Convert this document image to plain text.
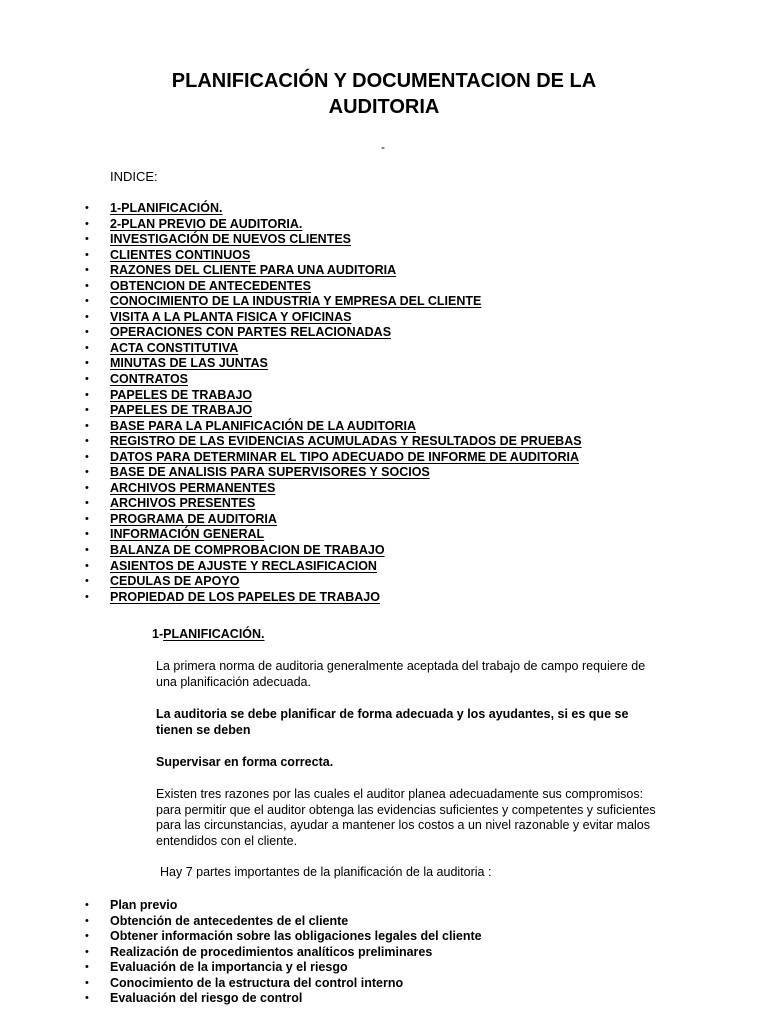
PLANIFICACIÓN Y DOCUMENTACION DE LA
AUDITORIA
-
INDICE:
• 1-PLANIFICACIÓN.
• 2-PLAN PREVIO DE AUDITORIA.
• INVESTIGACIÓN DE NUEVOS CLIENTES
• CLIENTES CONTINUOS
• RAZONES DEL CLIENTE PARA UNA AUDITORIA
• OBTENCION DE ANTECEDENTES
• CONOCIMIENTO DE LA INDUSTRIA Y EMPRESA DEL CLIENTE
• VISITA A LA PLANTA FISICA Y OFICINAS
• OPERACIONES CON PARTES RELACIONADAS
• ACTA CONSTITUTIVA
• MINUTAS DE LAS JUNTAS
• CONTRATOS
• PAPELES DE TRABAJO
• PAPELES DE TRABAJO
• BASE PARA LA PLANIFICACIÓN DE LA AUDITORIA
• REGISTRO DE LAS EVIDENCIAS ACUMULADAS Y RESULTADOS DE PRUEBAS
• DATOS PARA DETERMINAR EL TIPO ADECUADO DE INFORME DE AUDITORIA
• BASE DE ANALISIS PARA SUPERVISORES Y SOCIOS
• ARCHIVOS PERMANENTES
• ARCHIVOS PRESENTES
• PROGRAMA DE AUDITORIA
• INFORMACIÓN GENERAL
• BALANZA DE COMPROBACION DE TRABAJO
• ASIENTOS DE AJUSTE Y RECLASIFICACION
• CEDULAS DE APOYO
• PROPIEDAD DE LOS PAPELES DE TRABAJO
1-PLANIFICACIÓN.
La primera norma de auditoria generalmente aceptada del trabajo de campo requiere de una planificación adecuada.
La auditoria se debe planificar de forma adecuada y los ayudantes, si es que se tienen se deben
Supervisar en forma correcta.
Existen tres razones por las cuales el auditor planea adecuadamente sus compromisos: para permitir que el auditor obtenga las evidencias suficientes y competentes y suficientes para las circunstancias, ayudar a mantener los costos a un nivel razonable y evitar malos entendidos con el cliente.
Hay 7 partes importantes de la planificación de la auditoria :
• Plan previo
• Obtención de antecedentes de el cliente
• Obtener información sobre las obligaciones legales del cliente
• Realización de procedimientos analíticos preliminares
• Evaluación de la importancia y el riesgo
• Conocimiento de la estructura del control interno
• Evaluación del riesgo de control
